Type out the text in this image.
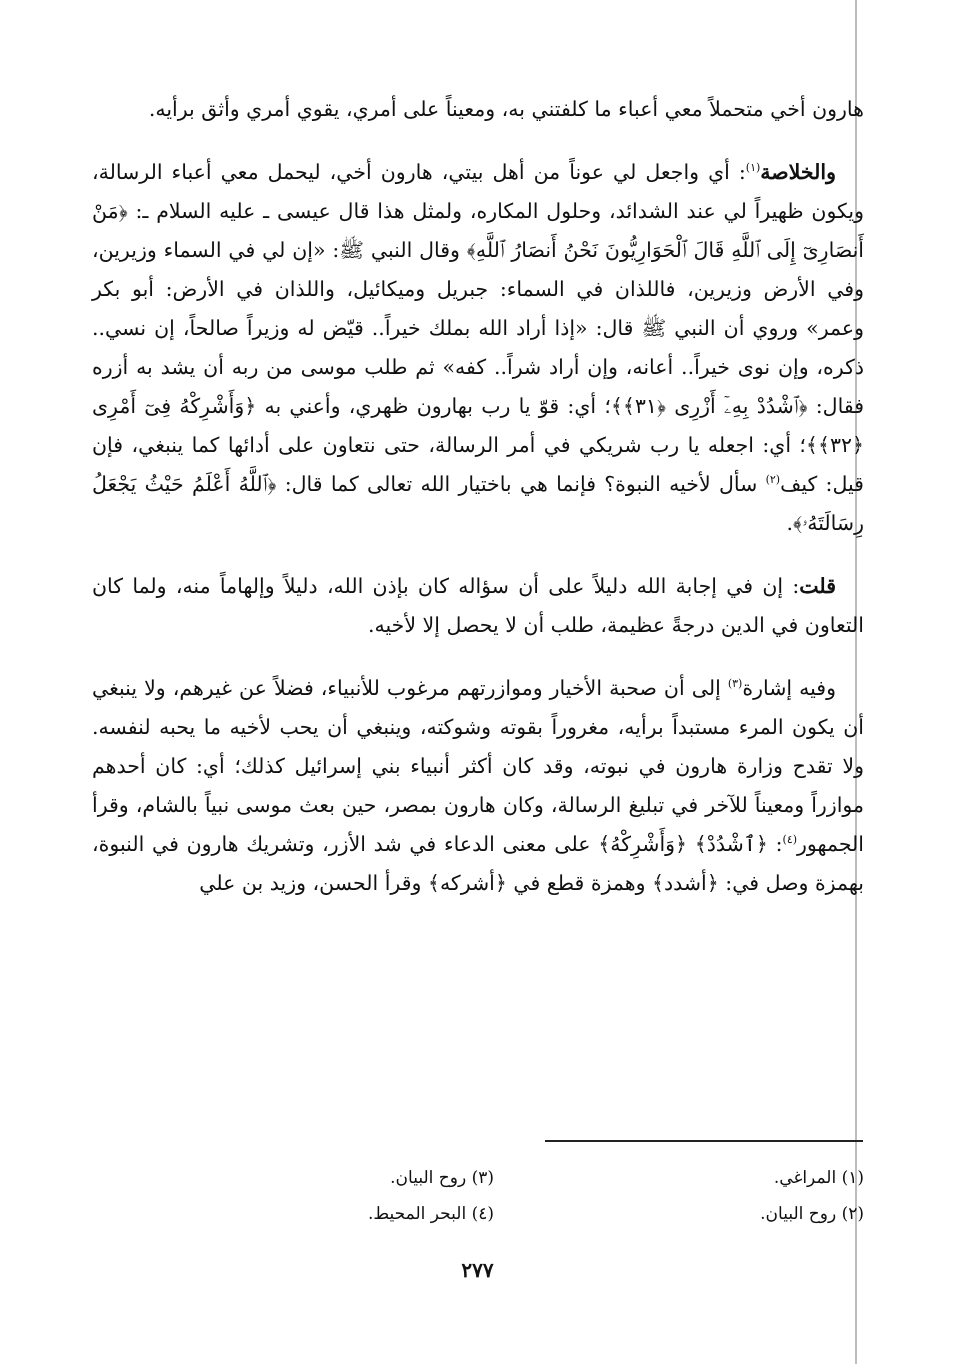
هارون أخي متحملاً معي أعباء ما كلفتني به، ومعيناً على أمري، يقوي أمري وأثق برأيه.

والخلاصة$^{(١)}$: أي واجعل لي عوناً من أهل بيتي، هارون أخي، ليحمل معي أعباء الرسالة، ويكون ظهيراً لي عند الشدائد، وحلول المكاره، ولمثل هذا قال عيسى ـ عليه السلام ـ: ﴿مَنْ أَنصَارِىٓ إِلَى ٱللَّهِ قَالَ ٱلْحَوَارِيُّونَ نَحْنُ أَنصَارُ ٱللَّهِ﴾ وقال النبي ﷺ: «إن لي في السماء وزيرين، وفي الأرض وزيرين، فاللذان في السماء: جبريل وميكائيل، واللذان في الأرض: أبو بكر وعمر» وروي أن النبي ﷺ قال: «إذا أراد الله بملك خيراً.. قيّض له وزيراً صالحاً، إن نسي.. ذكره، وإن نوى خيراً.. أعانه، وإن أراد شراً.. كفه» ثم طلب موسى من ربه أن يشد به أزره فقال: ﴿ٱشْدُدْ بِهِۦٓ أَزْرِى ﴿٣١﴾﴾؛ أي: قوّ يا رب بهارون ظهري، وأعني به ﴿وَأَشْرِكْهُ فِىٓ أَمْرِى ﴿٣٢﴾﴾؛ أي: اجعله يا رب شريكي في أمر الرسالة، حتى نتعاون على أدائها كما ينبغي، فإن قيل: كيف$^{(٢)}$ سأل لأخيه النبوة؟ فإنما هي باختيار الله تعالى كما قال: ﴿ٱللَّهُ أَعْلَمُ حَيْثُ يَجْعَلُ رِسَالَتَهُۥ﴾.

قلت: إن في إجابة الله دليلاً على أن سؤاله كان بإذن الله، دليلاً وإلهاماً منه، ولما كان التعاون في الدين درجةً عظيمة، طلب أن لا يحصل إلا لأخيه.

وفيه إشارة$^{(٣)}$ إلى أن صحبة الأخيار وموازرتهم مرغوب للأنبياء، فضلاً عن غيرهم، ولا ينبغي أن يكون المرء مستبداً برأيه، مغروراً بقوته وشوكته، وينبغي أن يحب لأخيه ما يحبه لنفسه. ولا تقدح وزارة هارون في نبوته، وقد كان أكثر أنبياء بني إسرائيل كذلك؛ أي: كان أحدهم موازراً ومعيناً للآخر في تبليغ الرسالة، وكان هارون بمصر، حين بعث موسى نبياً بالشام، وقرأ الجمهور$^{(٤)}$: ﴿ٱشْدُدْ﴾ ﴿وَأَشْرِكْهُ﴾ على معنى الدعاء في شد الأزر، وتشريك هارون في النبوة، بهمزة وصل في: ﴿أشدد﴾ وهمزة قطع في ﴿أشركه﴾ وقرأ الحسن، وزيد بن علي

(١) المراغي.
(٣) روح البيان.
(٢) روح البيان.
(٤) البحر المحيط.
٢٧٧
